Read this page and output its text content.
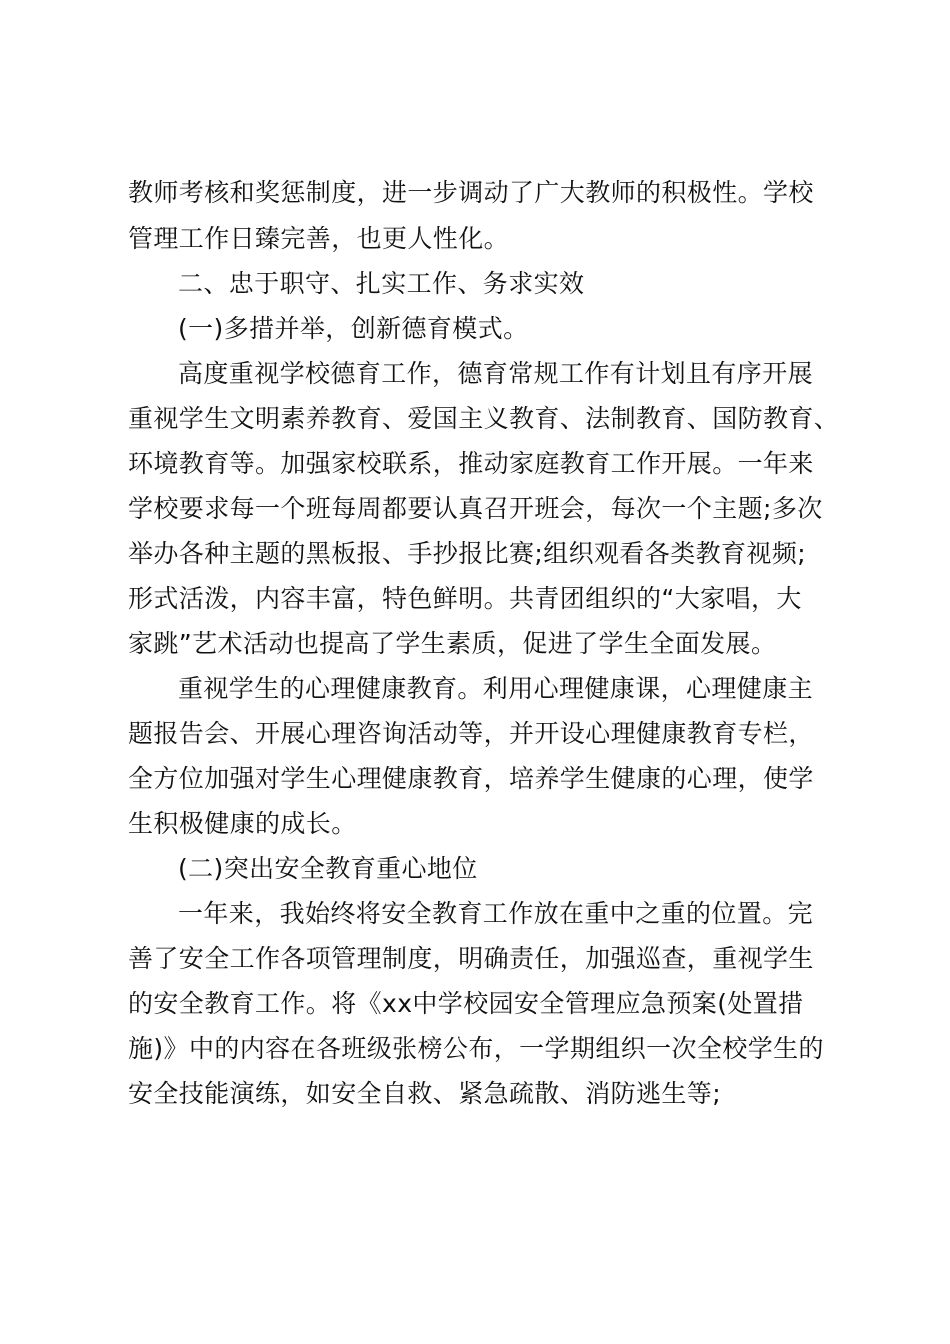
教师考核和奖惩制度，进一步调动了广大教师的积极性。学校
管理工作日臻完善，也更人性化。
二、忠于职守、扎实工作、务求实效
(一)多措并举，创新德育模式。
高度重视学校德育工作，德育常规工作有计划且有序开展
重视学生文明素养教育、爱国主义教育、法制教育、国防教育、
环境教育等。加强家校联系，推动家庭教育工作开展。一年来
学校要求每一个班每周都要认真召开班会，每次一个主题;多次
举办各种主题的黑板报、手抄报比赛;组织观看各类教育视频;
形式活泼，内容丰富，特色鲜明。共青团组织的“大家唱，大
家跳”艺术活动也提高了学生素质，促进了学生全面发展。
重视学生的心理健康教育。利用心理健康课，心理健康主
题报告会、开展心理咨询活动等，并开设心理健康教育专栏，
全方位加强对学生心理健康教育，培养学生健康的心理，使学
生积极健康的成长。
(二)突出安全教育重心地位
一年来，我始终将安全教育工作放在重中之重的位置。完
善了安全工作各项管理制度，明确责任，加强巡查，重视学生
的安全教育工作。将《xx中学校园安全管理应急预案(处置措
施)》中的内容在各班级张榜公布，一学期组织一次全校学生的
安全技能演练，如安全自救、紧急疏散、消防逃生等;
